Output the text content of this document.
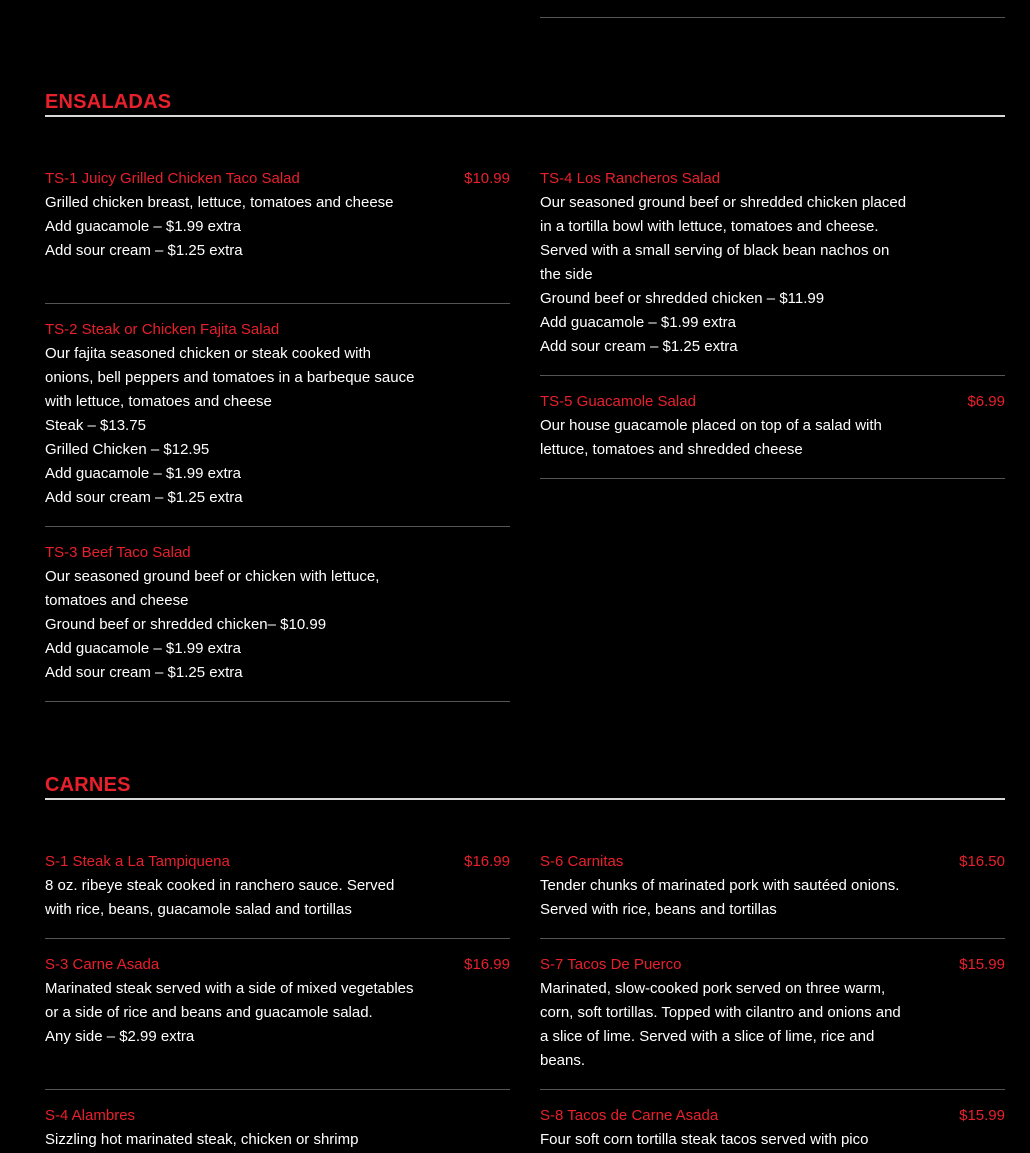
ENSALADAS
TS-1 Juicy Grilled Chicken Taco Salad	$10.99
Grilled chicken breast, lettuce, tomatoes and cheese
Add guacamole – $1.99 extra
Add sour cream – $1.25 extra
TS-2 Steak or Chicken Fajita Salad
Our fajita seasoned chicken or steak cooked with onions, bell peppers and tomatoes in a barbeque sauce with lettuce, tomatoes and cheese
Steak – $13.75
Grilled Chicken – $12.95
Add guacamole – $1.99 extra
Add sour cream – $1.25 extra
TS-3 Beef Taco Salad
Our seasoned ground beef or chicken with lettuce, tomatoes and cheese
Ground beef or shredded chicken– $10.99
Add guacamole – $1.99 extra
Add sour cream – $1.25 extra
TS-4 Los Rancheros Salad
Our seasoned ground beef or shredded chicken placed in a tortilla bowl with lettuce, tomatoes and cheese. Served with a small serving of black bean nachos on the side
Ground beef or shredded chicken – $11.99
Add guacamole – $1.99 extra
Add sour cream – $1.25 extra
TS-5 Guacamole Salad	$6.99
Our house guacamole placed on top of a salad with lettuce, tomatoes and shredded cheese
CARNES
S-1 Steak a La Tampiquena	$16.99
8 oz. ribeye steak cooked in ranchero sauce. Served with rice, beans, guacamole salad and tortillas
S-3 Carne Asada	$16.99
Marinated steak served with a side of mixed vegetables or a side of rice and beans and guacamole salad.
Any side – $2.99 extra
S-4 Alambres
Sizzling hot marinated steak, chicken or shrimp
S-6 Carnitas	$16.50
Tender chunks of marinated pork with sautéed onions. Served with rice, beans and tortillas
S-7 Tacos De Puerco	$15.99
Marinated, slow-cooked pork served on three warm, corn, soft tortillas. Topped with cilantro and onions and a slice of lime. Served with a slice of lime, rice and beans.
S-8 Tacos de Carne Asada	$15.99
Four soft corn tortilla steak tacos served with pico
